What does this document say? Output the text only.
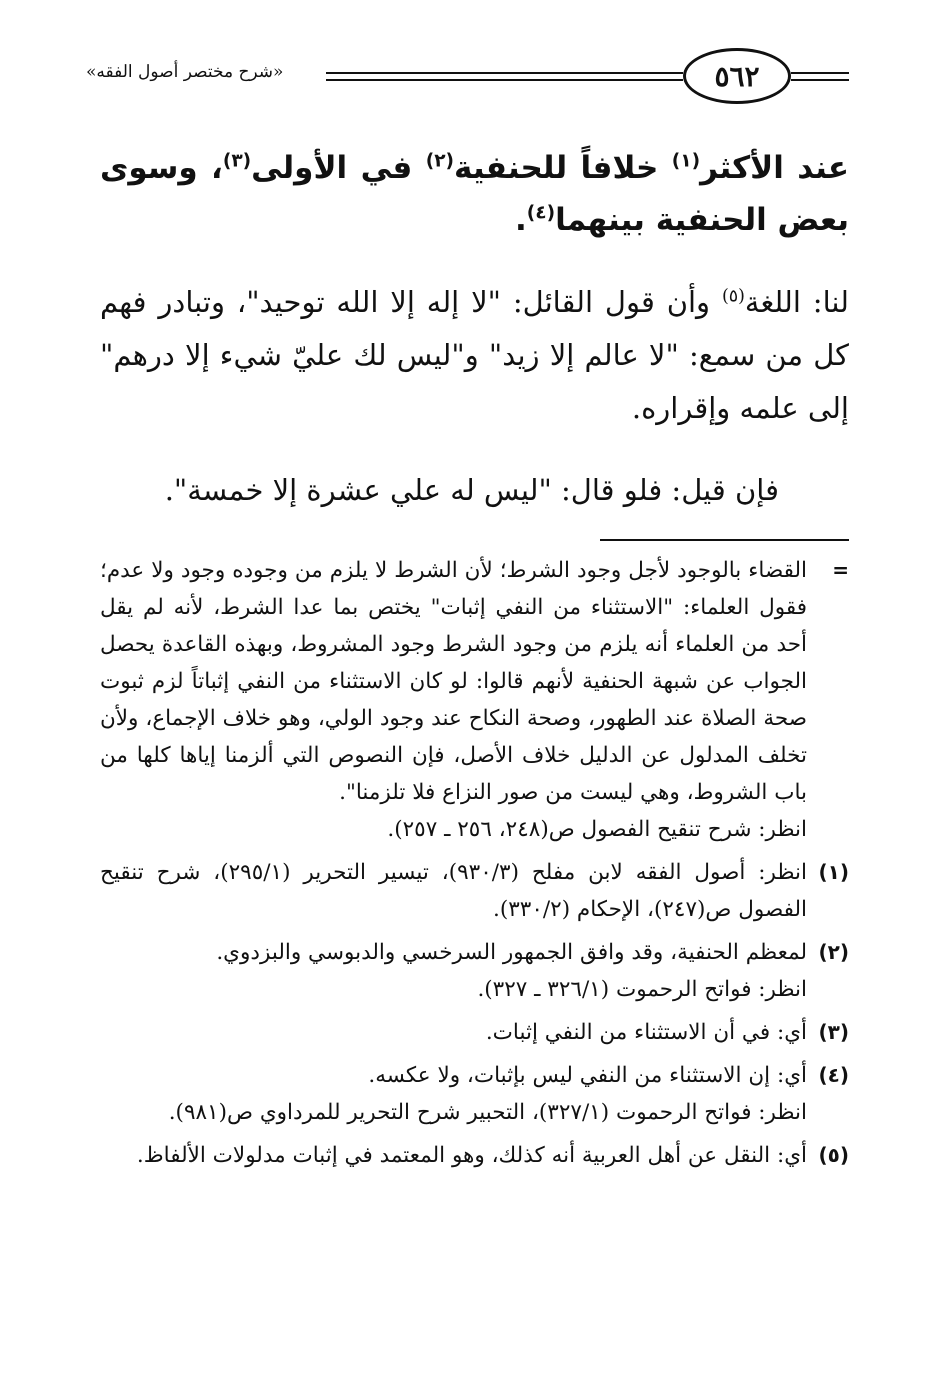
«شرح مختصر أصول الفقه»	٥٦٢
عند الأكثر$^{(١)}$ خلافاً للحنفية$^{(٢)}$ في الأولى$^{(٣)}$، وسوى بعض الحنفية بينهما$^{(٤)}$.
لنا: اللغة$^{(٥)}$ وأن قول القائل: "لا إله إلا الله توحيد"، وتبادر فهم كل من سمع: "لا عالم إلا زيد" و"ليس لك عليّ شيء إلا درهم" إلى علمه وإقراره.
فإن قيل: فلو قال: "ليس له علي عشرة إلا خمسة".
=
القضاء بالوجود لأجل وجود الشرط؛ لأن الشرط لا يلزم من وجوده وجود ولا عدم؛ فقول العلماء: "الاستثناء من النفي إثبات" يختص بما عدا الشرط، لأنه لم يقل أحد من العلماء أنه يلزم من وجود الشرط وجود المشروط، وبهذه القاعدة يحصل الجواب عن شبهة الحنفية لأنهم قالوا: لو كان الاستثناء من النفي إثباتاً لزم ثبوت صحة الصلاة عند الطهور، وصحة النكاح عند وجود الولي، وهو خلاف الإجماع، ولأن تخلف المدلول عن الدليل خلاف الأصل، فإن النصوص التي ألزمنا إياها كلها من باب الشروط، وهي ليست من صور النزاع فلا تلزمنا".
انظر: شرح تنقيح الفصول ص(٢٤٨، ٢٥٦ ـ ٢٥٧).
(١)
انظر: أصول الفقه لابن مفلح (٩٣٠/٣)، تيسير التحرير (٢٩٥/١)، شرح تنقيح الفصول ص(٢٤٧)، الإحكام (٣٣٠/٢).
(٢)
لمعظم الحنفية، وقد وافق الجمهور السرخسي والدبوسي والبزدوي.
انظر: فواتح الرحموت (٣٢٦/١ ـ ٣٢٧).
(٣)
أي: في أن الاستثناء من النفي إثبات.
(٤)
أي: إن الاستثناء من النفي ليس بإثبات، ولا عكسه.
انظر: فواتح الرحموت (٣٢٧/١)، التحبير شرح التحرير للمرداوي ص(٩٨١).
(٥)
أي: النقل عن أهل العربية أنه كذلك، وهو المعتمد في إثبات مدلولات الألفاظ.
